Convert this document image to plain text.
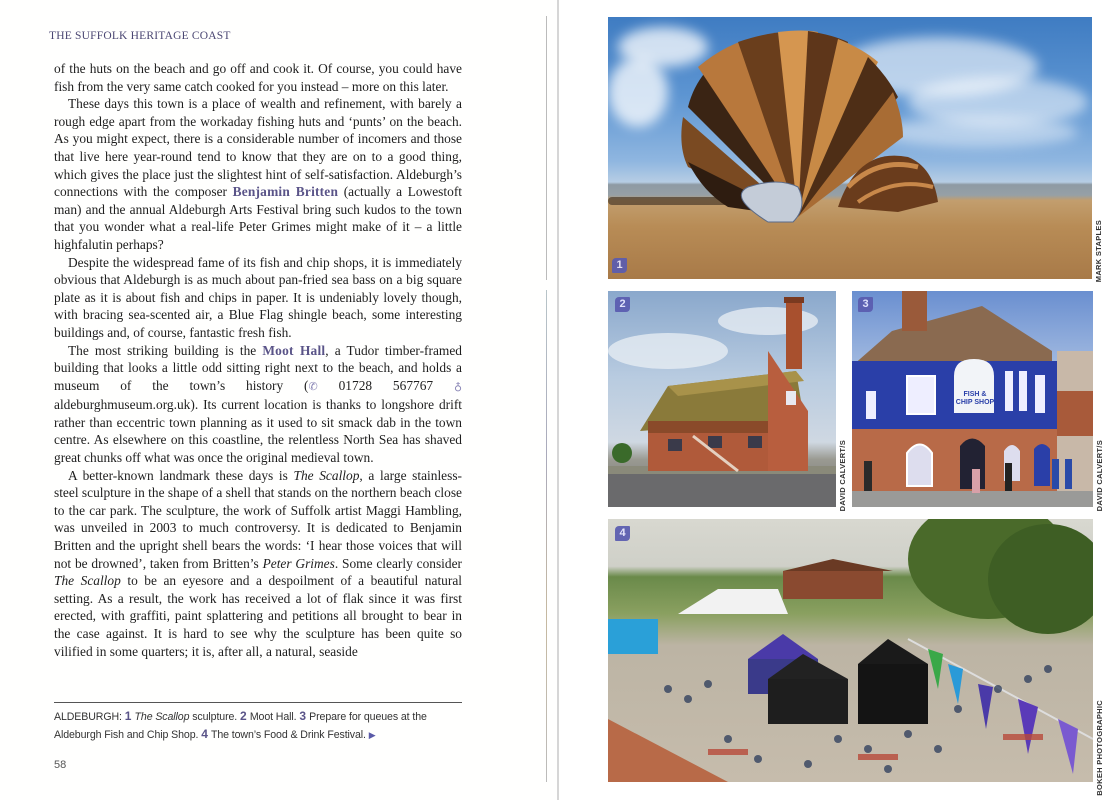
THE SUFFOLK HERITAGE COAST

of the huts on the beach and go off and cook it. Of course, you could have fish from the very same catch cooked for you instead – more on this later.

These days this town is a place of wealth and refinement, with barely a rough edge apart from the workaday fishing huts and ‘punts’ on the beach. As you might expect, there is a considerable number of incomers and those that live here year-round tend to know that they are on to a good thing, which gives the place just the slightest hint of self-satisfaction. Aldeburgh’s connections with the composer Benjamin Britten (actually a Lowestoft man) and the annual Aldeburgh Arts Festival bring such kudos to the town that you wonder what a real-life Peter Grimes might make of it – a little highfalutin perhaps?

Despite the widespread fame of its fish and chip shops, it is immediately obvious that Aldeburgh is as much about pan-fried sea bass on a big square plate as it is about fish and chips in paper. It is undeniably lovely though, with bracing sea-scented air, a Blue Flag shingle beach, some interesting buildings and, of course, fantastic fresh fish.

The most striking building is the Moot Hall, a Tudor timber-framed building that looks a little odd sitting right next to the beach, and holds a museum of the town’s history (✆ 01728 567767 ♁ aldeburghmuseum.org.uk). Its current location is thanks to longshore drift rather than eccentric town planning as it used to sit smack dab in the town centre. As elsewhere on this coastline, the relentless North Sea has shaved great chunks off what was once the original medieval town.

A better-known landmark these days is The Scallop, a large stainless-steel sculpture in the shape of a shell that stands on the northern beach close to the car park. The sculpture, the work of Suffolk artist Maggi Hambling, was unveiled in 2003 to much controversy. It is dedicated to Benjamin Britten and the upright shell bears the words: ‘I hear those voices that will not be drowned’, taken from Britten’s Peter Grimes. Some clearly consider The Scallop to be an eyesore and a despoilment of a beautiful natural setting. As a result, the work has received a lot of flak since it was first erected, with graffiti, paint splattering and petitions all brought to bear in the case against. It is hard to see why the sculpture has been quite so vilified in some quarters; it is, after all, a natural, seaside

ALDEBURGH: 1 The Scallop sculpture. 2 Moot Hall. 3 Prepare for queues at the Aldeburgh Fish and Chip Shop. 4 The town’s Food & Drink Festival. ▶
58
1	MARK STAPLES
2
DAVID CALVERT/S
FISH & CHIP SHOP
3
DAVID CALVERT/S
4
BOKEH PHOTOGRAPHIC
